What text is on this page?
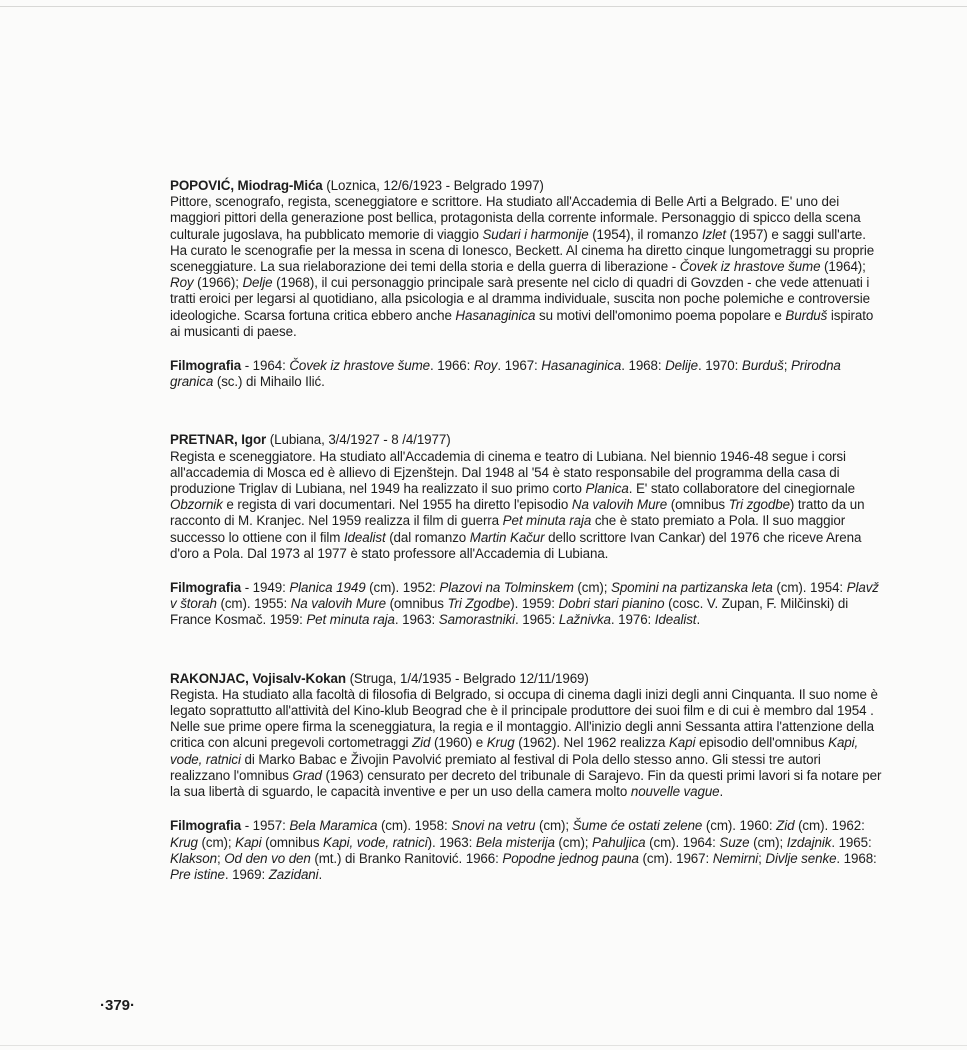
POPOVIĆ, Miodrag-Mića (Loznica, 12/6/1923 - Belgrado 1997)

Pittore, scenografo, regista, sceneggiatore e scrittore. Ha studiato all'Accademia di Belle Arti a Belgrado. E' uno dei maggiori pittori della generazione post bellica, protagonista della corrente informale. Personaggio di spicco della scena culturale jugoslava, ha pubblicato memorie di viaggio Sudari i harmonije (1954), il romanzo Izlet (1957) e saggi sull'arte. Ha curato le scenografie per la messa in scena di Ionesco, Beckett. Al cinema ha diretto cinque lungometraggi su proprie sceneggiature. La sua rielaborazione dei temi della storia e della guerra di liberazione - Čovek iz hrastove šume (1964); Roy (1966); Delje (1968), il cui personaggio principale sarà presente nel ciclo di quadri di Govzden - che vede attenuati i tratti eroici per legarsi al quotidiano, alla psicologia e al dramma individuale, suscita non poche polemiche e controversie ideologiche. Scarsa fortuna critica ebbero anche Hasanaginica su motivi dell'omonimo poema popolare e Burduš ispirato ai musicanti di paese.

Filmografia - 1964: Čovek iz hrastove šume. 1966: Roy. 1967: Hasanaginica. 1968: Delije. 1970: Burduš; Prirodna granica (sc.) di Mihailo Ilić.

PRETNAR, Igor (Lubiana, 3/4/1927 - 8 /4/1977)

Regista e sceneggiatore. Ha studiato all'Accademia di cinema e teatro di Lubiana. Nel biennio 1946-48 segue i corsi all'accademia di Mosca ed è allievo di Ejzenštejn. Dal 1948 al '54 è stato responsabile del programma della casa di produzione Triglav di Lubiana, nel 1949 ha realizzato il suo primo corto Planica. E' stato collaboratore del cinegiornale Obzornik e regista di vari documentari. Nel 1955 ha diretto l'episodio Na valovih Mure (omnibus Tri zgodbe) tratto da un racconto di M. Kranjec. Nel 1959 realizza il film di guerra Pet minuta raja che è stato premiato a Pola. Il suo maggior successo lo ottiene con il film Idealist (dal romanzo Martin Kačur dello scrittore Ivan Cankar) del 1976 che riceve Arena d'oro a Pola. Dal 1973 al 1977 è stato professore all'Accademia di Lubiana.

Filmografia - 1949: Planica 1949 (cm). 1952: Plazovi na Tolminskem (cm); Spomini na partizanska leta (cm). 1954: Plavž v štorah (cm). 1955: Na valovih Mure (omnibus Tri Zgodbe). 1959: Dobri stari pianino (cosc. V. Zupan, F. Milčinski) di France Kosmač. 1959: Pet minuta raja. 1963: Samorastniki. 1965: Lažnivka. 1976: Idealist.

RAKONJAC, Vojisalv-Kokan (Struga, 1/4/1935 - Belgrado 12/11/1969)

Regista. Ha studiato alla facoltà di filosofia di Belgrado, si occupa di cinema dagli inizi degli anni Cinquanta. Il suo nome è legato soprattutto all'attività del Kino-klub Beograd che è il principale produttore dei suoi film e di cui è membro dal 1954 . Nelle sue prime opere firma la sceneggiatura, la regia e il montaggio. All'inizio degli anni Sessanta attira l'attenzione della critica con alcuni pregevoli cortometraggi Zid (1960) e Krug (1962). Nel 1962 realizza Kapi episodio dell'omnibus Kapi, vode, ratnici di Marko Babac e Živojin Pavolvić premiato al festival di Pola dello stesso anno. Gli stessi tre autori realizzano l'omnibus Grad (1963) censurato per decreto del tribunale di Sarajevo. Fin da questi primi lavori si fa notare per la sua libertà di sguardo, le capacità inventive e per un uso della camera molto nouvelle vague.

Filmografia - 1957: Bela Maramica (cm). 1958: Snovi na vetru (cm); Šume će ostati zelene (cm). 1960: Zid (cm). 1962: Krug (cm); Kapi (omnibus Kapi, vode, ratnici). 1963: Bela misterija (cm); Pahuljica (cm). 1964: Suze (cm); Izdajnik. 1965: Klakson; Od den vo den (mt.) di Branko Ranitović. 1966: Popodne jednog pauna (cm). 1967: Nemirni; Divlje senke. 1968: Pre istine. 1969: Zazidani.

·379·
